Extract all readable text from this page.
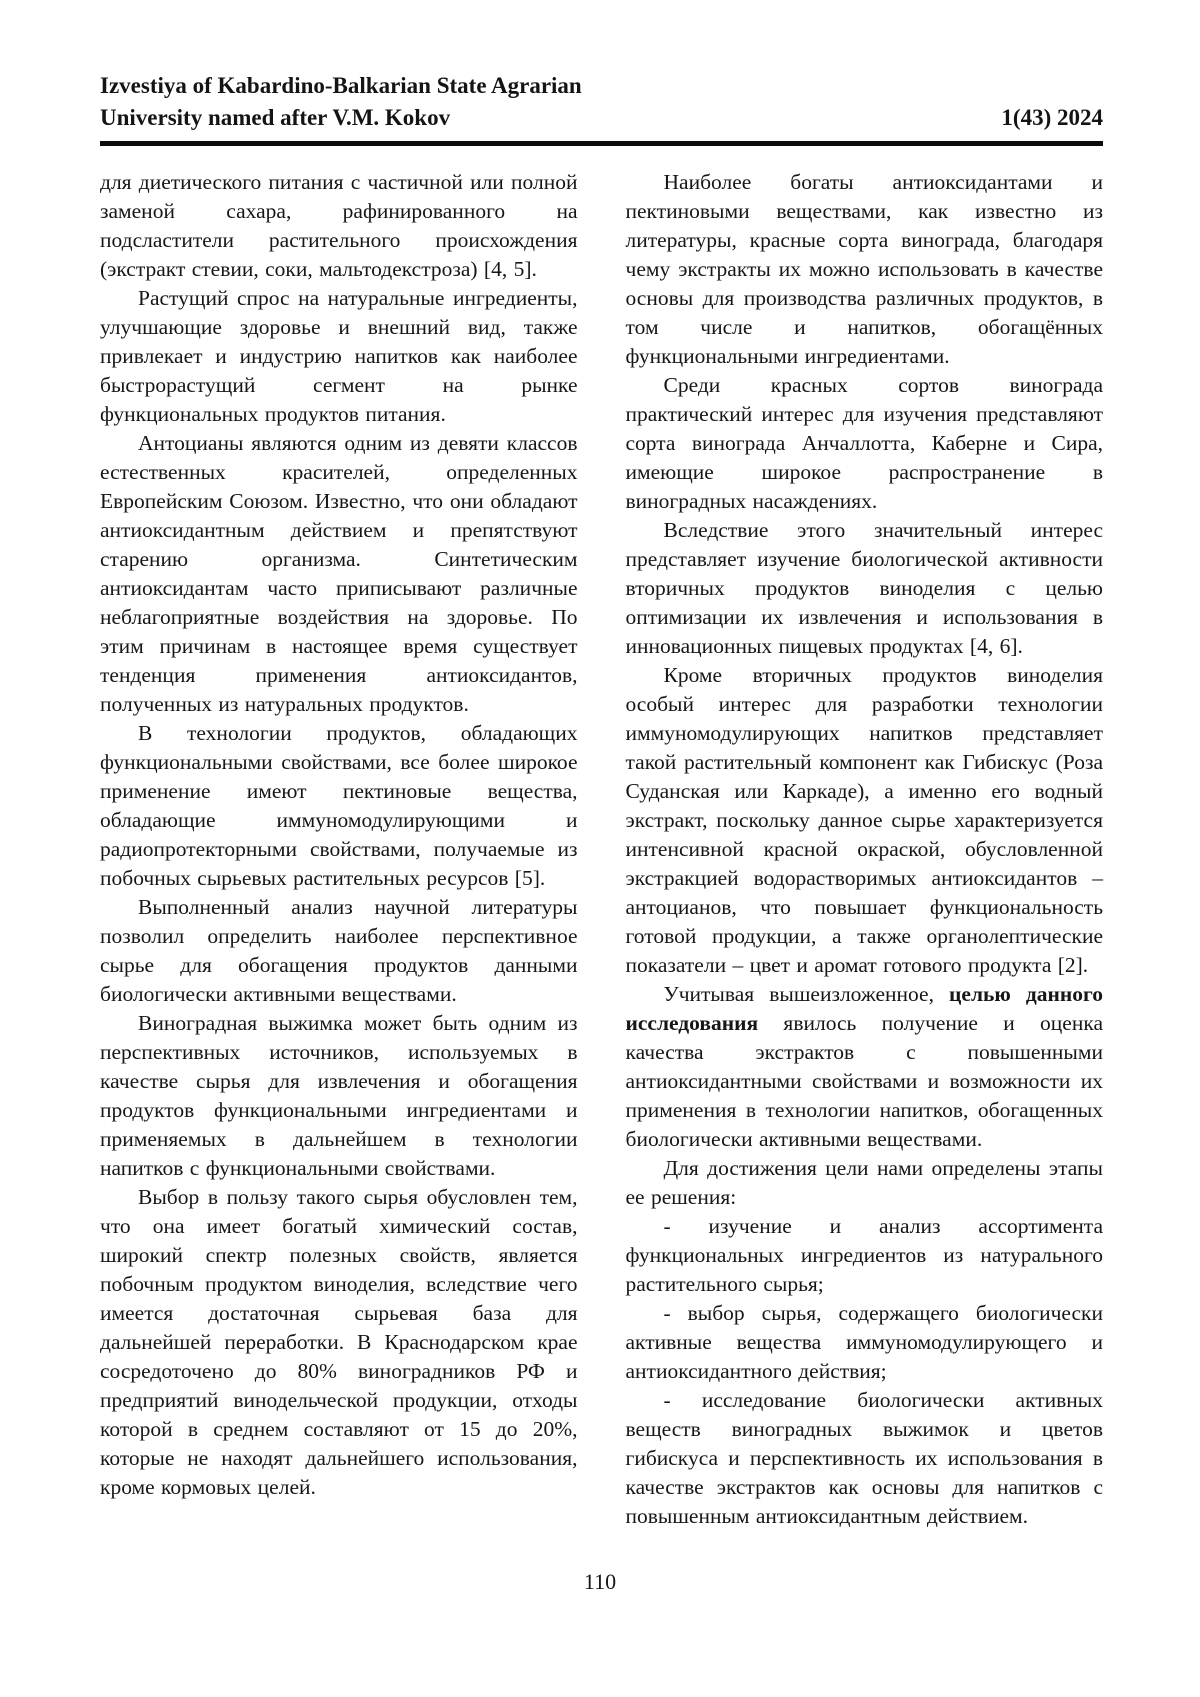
Izvestiya of Kabardino-Balkarian State Agrarian
University named after V.M. Kokov	1(43) 2024

для диетического питания с частичной или полной заменой сахара, рафинированного на подсластители растительного происхождения (экстракт стевии, соки, мальтодекстроза) [4, 5].

Растущий спрос на натуральные ингредиенты, улучшающие здоровье и внешний вид, также привлекает и индустрию напитков как наиболее быстрорастущий сегмент на рынке функциональных продуктов питания.

Антоцианы являются одним из девяти классов естественных красителей, определенных Европейским Союзом. Известно, что они обладают антиоксидантным действием и препятствуют старению организма. Синтетическим антиоксидантам часто приписывают различные неблагоприятные воздействия на здоровье. По этим причинам в настоящее время существует тенденция применения антиоксидантов, полученных из натуральных продуктов.

В технологии продуктов, обладающих функциональными свойствами, все более широкое применение имеют пектиновые вещества, обладающие иммуномодулирующими и радиопротекторными свойствами, получаемые из побочных сырьевых растительных ресурсов [5].

Выполненный анализ научной литературы позволил определить наиболее перспективное сырье для обогащения продуктов данными биологически активными веществами.

Виноградная выжимка может быть одним из перспективных источников, используемых в качестве сырья для извлечения и обогащения продуктов функциональными ингредиентами и применяемых в дальнейшем в технологии напитков с функциональными свойствами.

Выбор в пользу такого сырья обусловлен тем, что она имеет богатый химический состав, широкий спектр полезных свойств, является побочным продуктом виноделия, вследствие чего имеется достаточная сырьевая база для дальнейшей переработки. В Краснодарском крае сосредоточено до 80% виноградников РФ и предприятий винодельческой продукции, отходы которой в среднем составляют от 15 до 20%, которые не находят дальнейшего использования, кроме кормовых целей.

Наиболее богаты антиоксидантами и пектиновыми веществами, как известно из литературы, красные сорта винограда, благодаря чему экстракты их можно использовать в качестве основы для производства различных продуктов, в том числе и напитков, обогащённых функциональными ингредиентами.

Среди красных сортов винограда практический интерес для изучения представляют сорта винограда Анчаллотта, Каберне и Сира, имеющие широкое распространение в виноградных насаждениях.

Вследствие этого значительный интерес представляет изучение биологической активности вторичных продуктов виноделия с целью оптимизации их извлечения и использования в инновационных пищевых продуктах [4, 6].

Кроме вторичных продуктов виноделия особый интерес для разработки технологии иммуномодулирующих напитков представляет такой растительный компонент как Гибискус (Роза Суданская или Каркаде), а именно его водный экстракт, поскольку данное сырье характеризуется интенсивной красной окраской, обусловленной экстракцией водорастворимых антиоксидантов – антоцианов, что повышает функциональность готовой продукции, а также органолептические показатели – цвет и аромат готового продукта [2].

Учитывая вышеизложенное, целью данного исследования явилось получение и оценка качества экстрактов с повышенными антиоксидантными свойствами и возможности их применения в технологии напитков, обогащенных биологически активными веществами.

Для достижения цели нами определены этапы ее решения:

- изучение и анализ ассортимента функциональных ингредиентов из натурального растительного сырья;

- выбор сырья, содержащего биологически активные вещества иммуномодулирующего и антиоксидантного действия;

- исследование биологически активных веществ виноградных выжимок и цветов гибискуса и перспективность их использования в качестве экстрактов как основы для напитков с повышенным антиоксидантным действием.

110
